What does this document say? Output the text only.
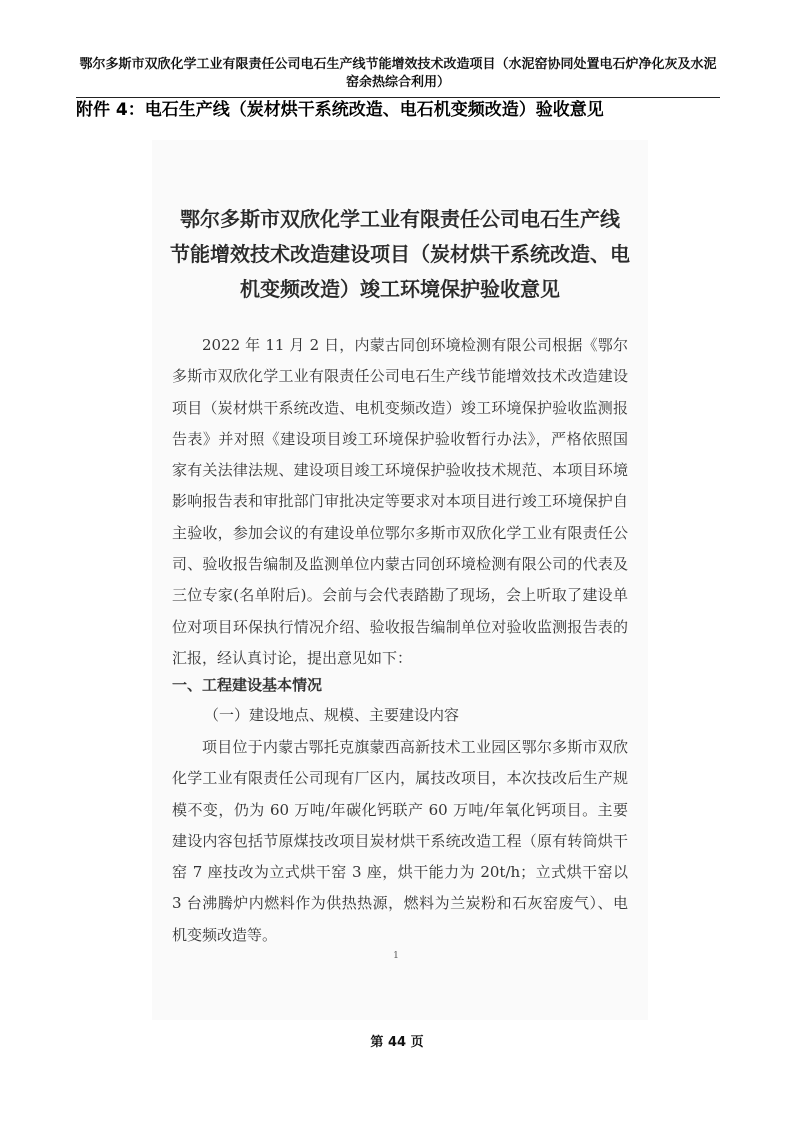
鄂尔多斯市双欣化学工业有限责任公司电石生产线节能增效技术改造项目（水泥窑协同处置电石炉净化灰及水泥窑余热综合利用）
附件 4：电石生产线（炭材烘干系统改造、电石机变频改造）验收意见
鄂尔多斯市双欣化学工业有限责任公司电石生产线
节能增效技术改造建设项目（炭材烘干系统改造、电
机变频改造）竣工环境保护验收意见

2022 年 11 月 2 日，内蒙古同创环境检测有限公司根据《鄂尔多斯市双欣化学工业有限责任公司电石生产线节能增效技术改造建设项目（炭材烘干系统改造、电机变频改造）竣工环境保护验收监测报告表》并对照《建设项目竣工环境保护验收暂行办法》，严格依照国家有关法律法规、建设项目竣工环境保护验收技术规范、本项目环境影响报告表和审批部门审批决定等要求对本项目进行竣工环境保护自主验收，参加会议的有建设单位鄂尔多斯市双欣化学工业有限责任公司、验收报告编制及监测单位内蒙古同创环境检测有限公司的代表及三位专家(名单附后)。会前与会代表踏勘了现场，会上听取了建设单位对项目环保执行情况介绍、验收报告编制单位对验收监测报告表的汇报，经认真讨论，提出意见如下：

一、工程建设基本情况
（一）建设地点、规模、主要建设内容

项目位于内蒙古鄂托克旗蒙西高新技术工业园区鄂尔多斯市双欣化学工业有限责任公司现有厂区内，属技改项目，本次技改后生产规模不变，仍为 60 万吨/年碳化钙联产 60 万吨/年氧化钙项目。主要建设内容包括节原煤技改项目炭材烘干系统改造工程（原有转筒烘干窑 7 座技改为立式烘干窑 3 座，烘干能力为 20t/h；立式烘干窑以 3 台沸腾炉内燃料作为供热热源，燃料为兰炭粉和石灰窑废气）、电机变频改造等。

1
第 44 页
